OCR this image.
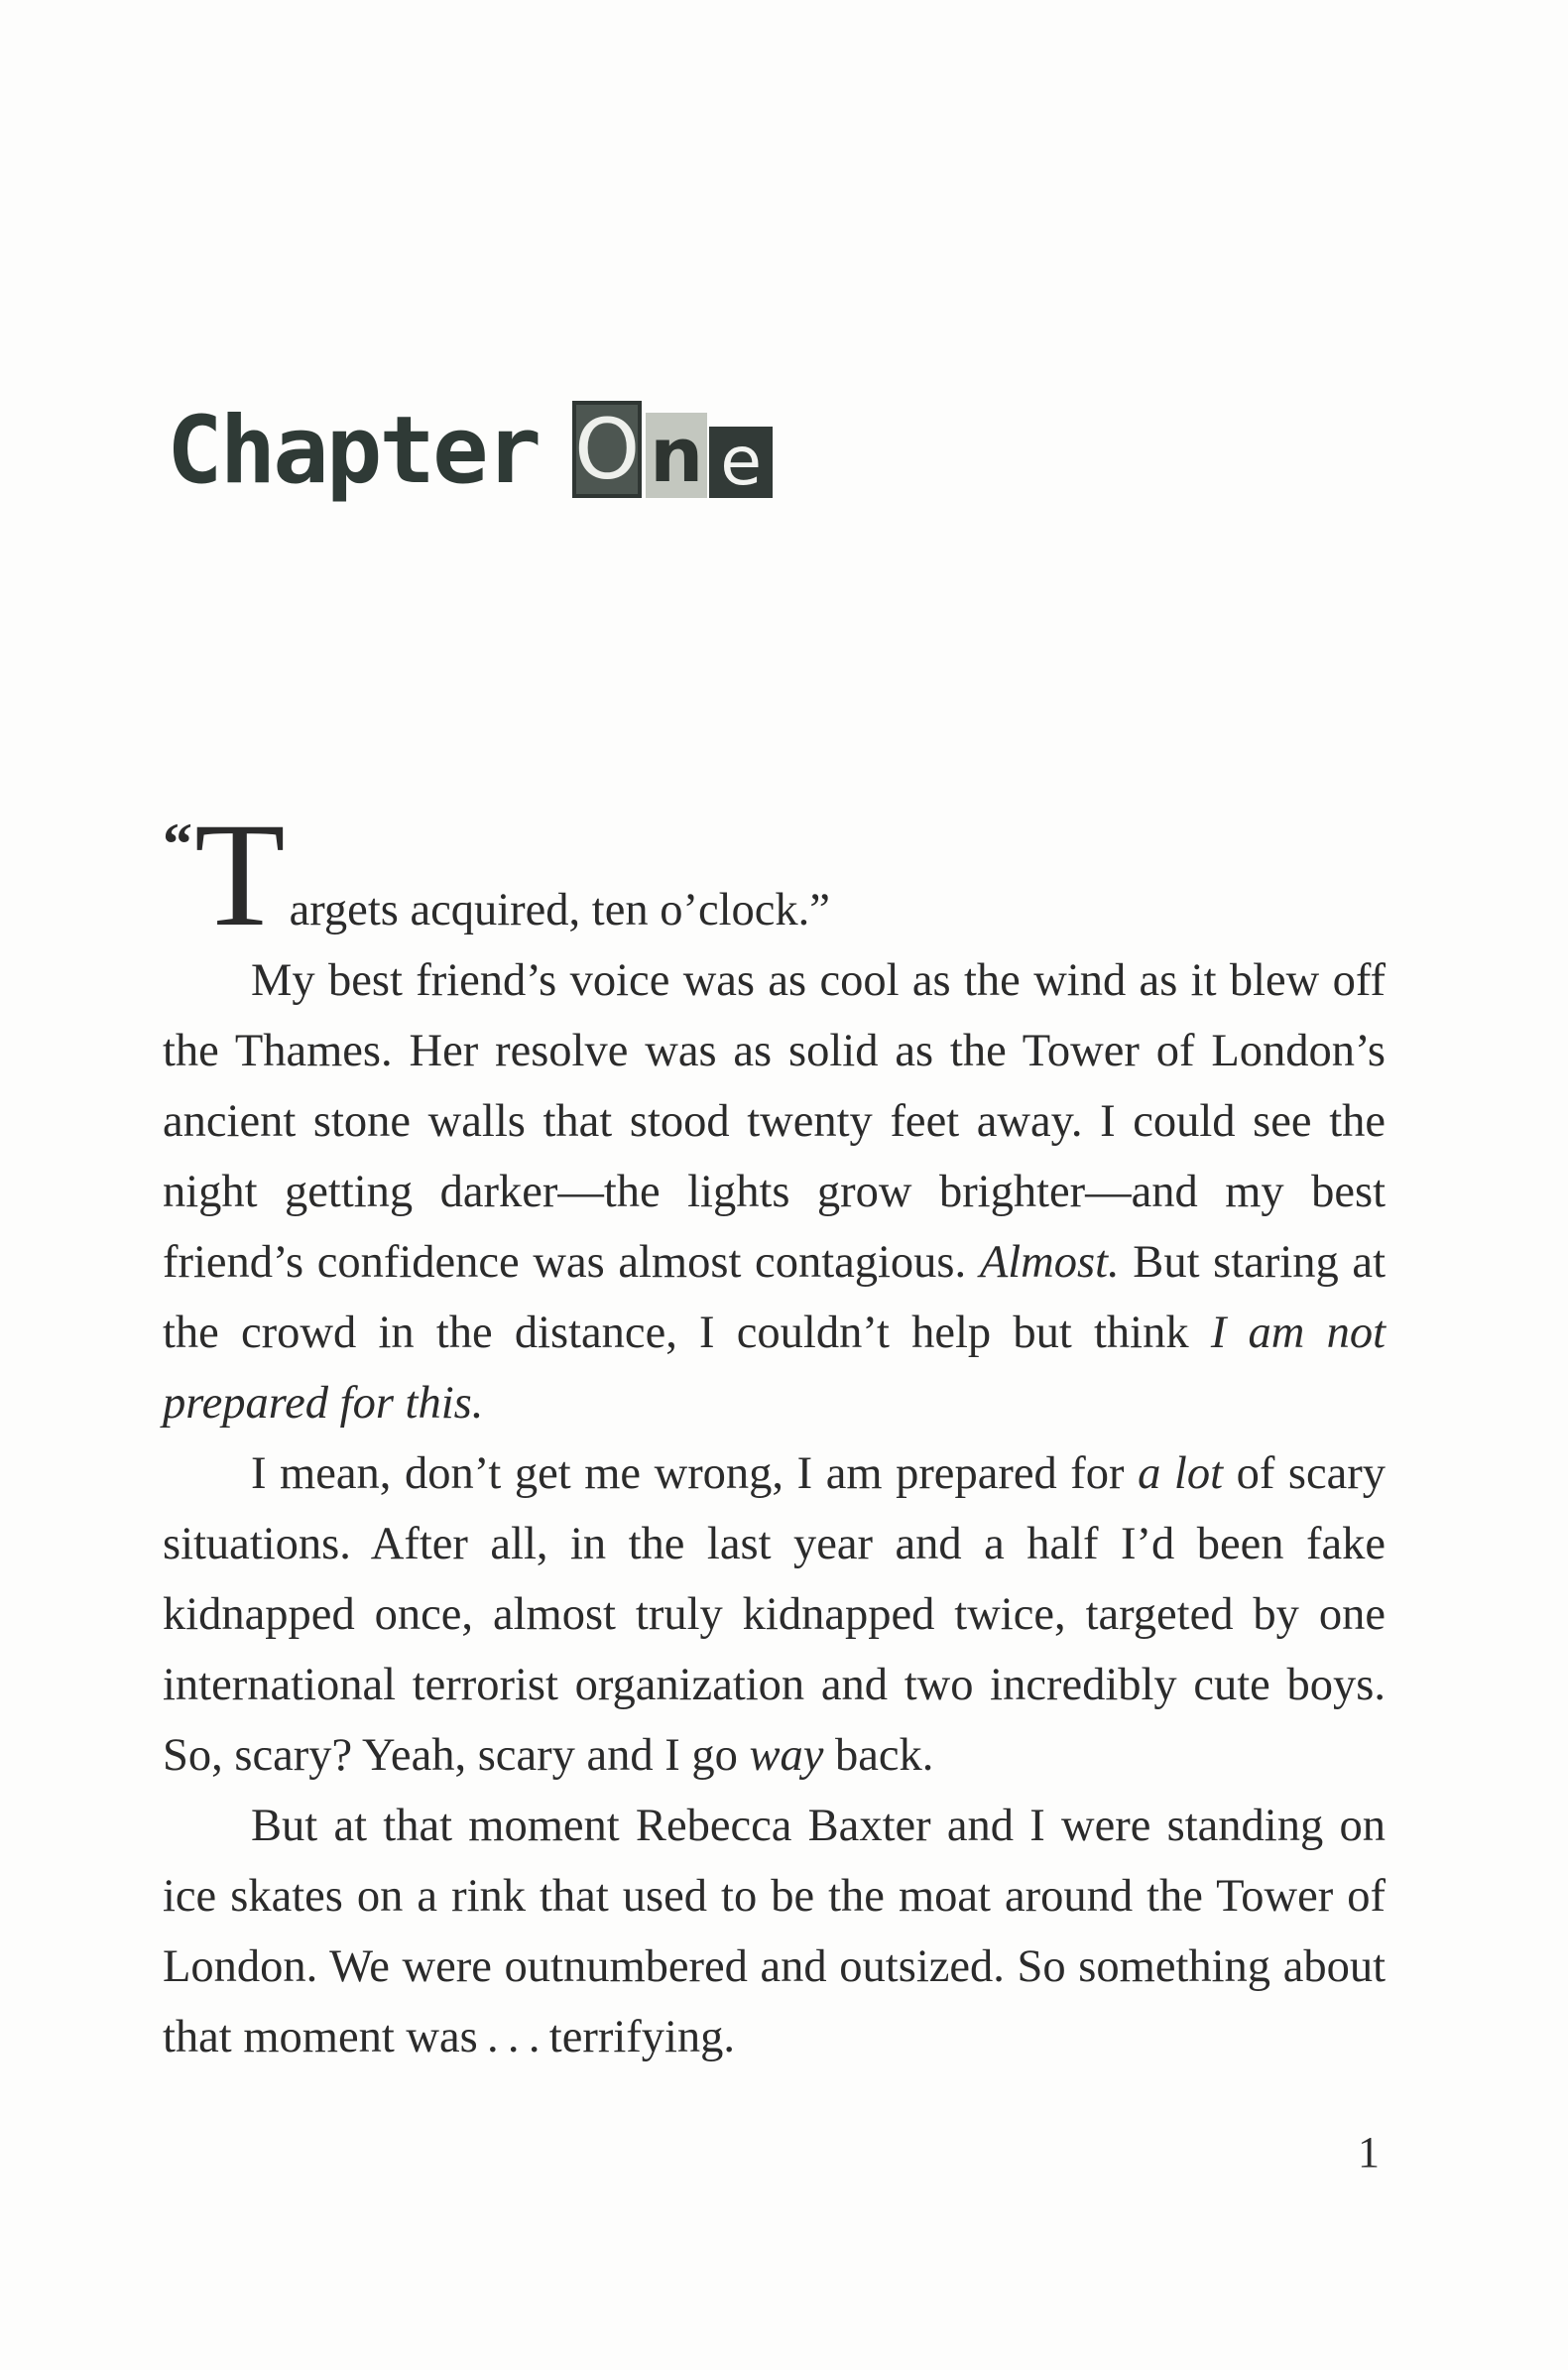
Chapter O n e

“Targets acquired, ten o’clock.”

My best friend’s voice was as cool as the wind as it blew off the Thames. Her resolve was as solid as the Tower of London’s ancient stone walls that stood twenty feet away. I could see the night getting darker—the lights grow brighter—and my best friend’s confidence was almost contagious. Almost. But staring at the crowd in the distance, I couldn’t help but think I am not prepared for this.

I mean, don’t get me wrong, I am prepared for a lot of scary situations. After all, in the last year and a half I’d been fake kidnapped once, almost truly kidnapped twice, targeted by one international terrorist organization and two incredibly cute boys. So, scary? Yeah, scary and I go way back.

But at that moment Rebecca Baxter and I were standing on ice skates on a rink that used to be the moat around the Tower of London. We were outnumbered and outsized. So something about that moment was . . . terrifying.

1
